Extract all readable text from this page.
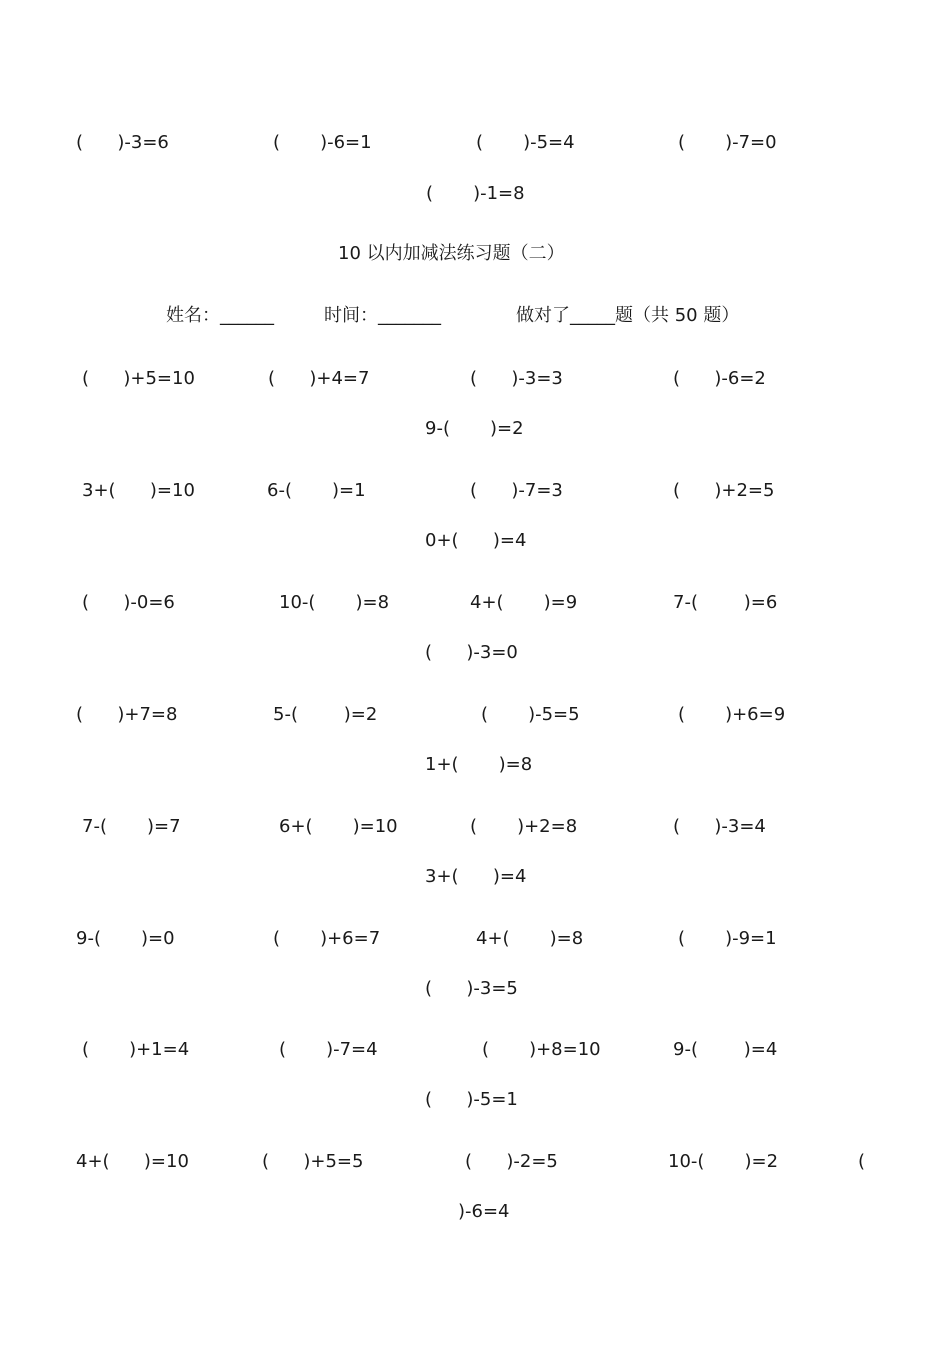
(      )-3=6	(       )-6=1	(       )-5=4	(       )-7=0
(       )-1=8
10 以内加减法练习题（二）
姓名：______	时间：_______	做对了_____题（共 50 题）
(      )+5=10	(      )+4=7	(      )-3=3	(      )-6=2
9-(       )=2
3+(      )=10	6-(       )=1	(      )-7=3	(      )+2=5
0+(      )=4
(      )-0=6	10-(       )=8	4+(       )=9	7-(        )=6
(      )-3=0
(      )+7=8	5-(        )=2	(       )-5=5	(       )+6=9
1+(       )=8
7-(       )=7	6+(       )=10	(       )+2=8	(      )-3=4
3+(      )=4
9-(       )=0	(       )+6=7	4+(       )=8	(       )-9=1
(      )-3=5
(       )+1=4	(       )-7=4	(       )+8=10	9-(        )=4
(      )-5=1
4+(      )=10	(      )+5=5	(      )-2=5	10-(       )=2	(
)-6=4
